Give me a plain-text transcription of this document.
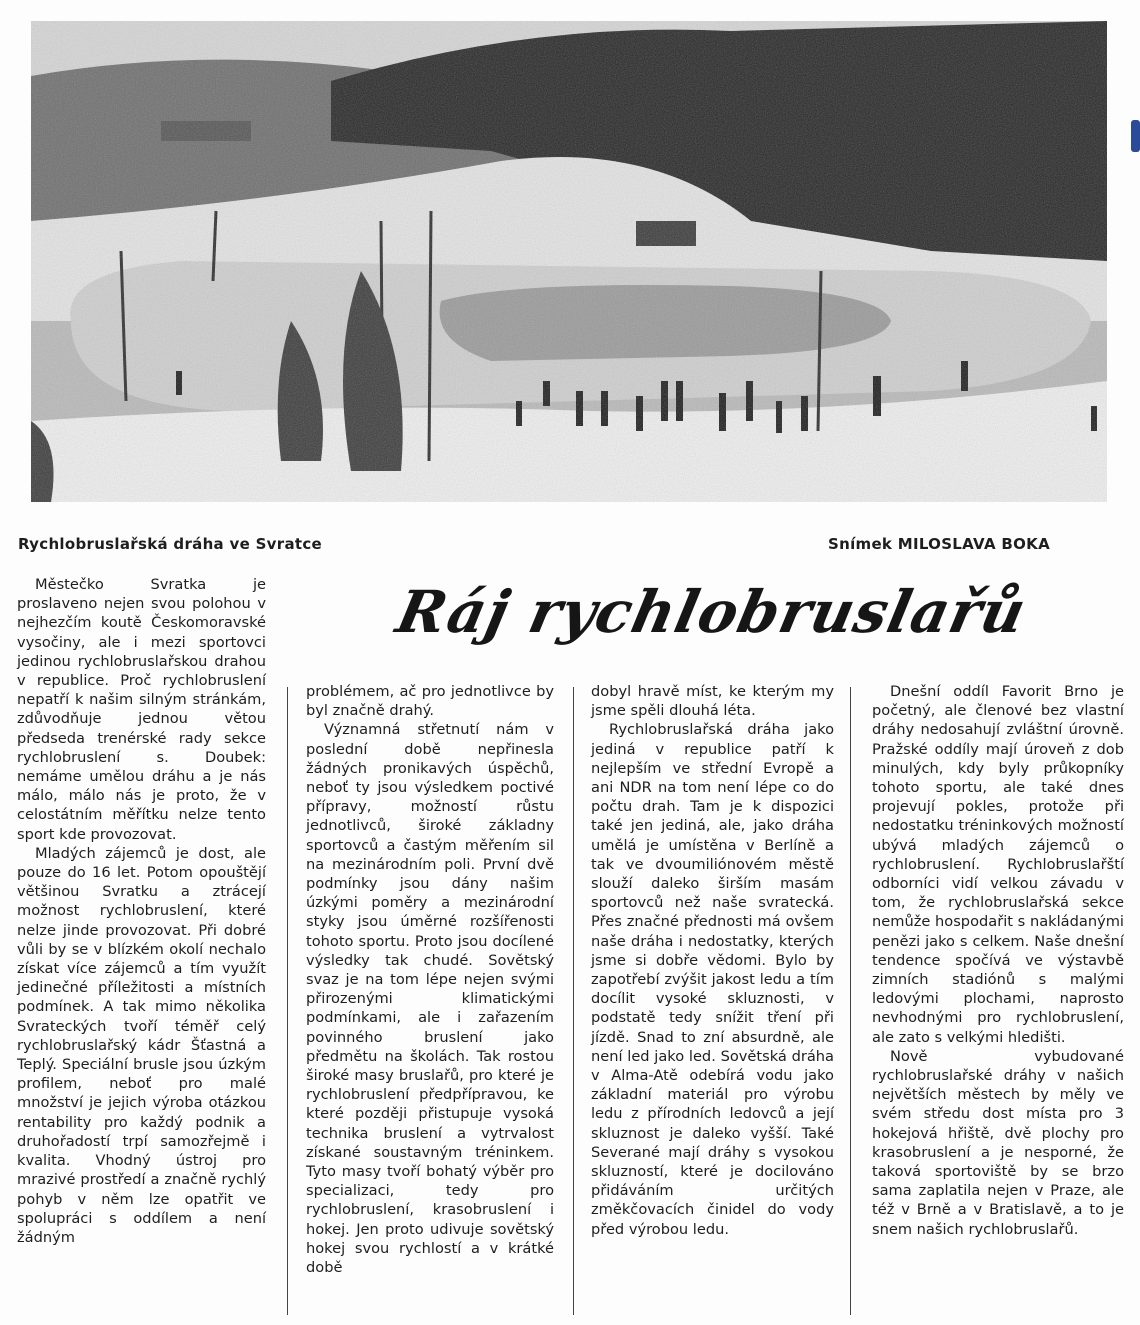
Rychlobruslařská dráha ve Svratce	Snímek MILOSLAVA BOKA
Ráj rychlobruslařů

Městečko Svratka je proslaveno nejen svou polohou v nejhezčím koutě Českomoravské vysočiny, ale i mezi sportovci jedinou rychlobruslařskou drahou v republice. Proč rychlobruslení nepatří k našim silným stránkám, zdůvodňuje jednou větou předseda trenérské rady sekce rychlobruslení s. Doubek: nemáme umělou dráhu a je nás málo, málo nás je proto, že v celostátním měřítku nelze tento sport kde provozovat.

Mladých zájemců je dost, ale pouze do 16 let. Potom opouštějí většinou Svratku a ztrácejí možnost rychlobruslení, které nelze jinde provozovat. Při dobré vůli by se v blízkém okolí nechalo získat více zájemců a tím využít jedinečné příležitosti a místních podmínek. A tak mimo několika Svrateckých tvoří téměř celý rychlobruslařský kádr Šťastná a Teplý. Speciální brusle jsou úzkým profilem, neboť pro malé množství je jejich výroba otázkou rentability pro každý podnik a druhořadostí trpí samozřejmě i kvalita. Vhodný ústroj pro mrazivé prostředí a značně rychlý pohyb v něm lze opatřit ve spolupráci s oddílem a není žádným

problémem, ač pro jednotlivce by byl značně drahý.

Významná střetnutí nám v poslední době nepřinesla žádných pronikavých úspěchů, neboť ty jsou výsledkem poctivé přípravy, možností růstu jednotlivců, široké základny sportovců a častým měřením sil na mezinárodním poli. První dvě podmínky jsou dány našim úzkými poměry a mezinárodní styky jsou úměrné rozšířenosti tohoto sportu. Proto jsou docílené výsledky tak chudé. Sovětský svaz je na tom lépe nejen svými přirozenými klimatickými podmínkami, ale i zařazením povinného bruslení jako předmětu na školách. Tak rostou široké masy bruslařů, pro které je rychlobruslení předpřípravou, ke které později přistupuje vysoká technika bruslení a vytrvalost získané soustavným tréninkem. Tyto masy tvoří bohatý výběr pro specializaci, tedy pro rychlobruslení, krasobruslení i hokej. Jen proto udivuje sovětský hokej svou rychlostí a v krátké době

dobyl hravě míst, ke kterým my jsme spěli dlouhá léta.

Rychlobruslařská dráha jako jediná v republice patří k nejlepším ve střední Evropě a ani NDR na tom není lépe co do počtu drah. Tam je k dispozici také jen jediná, ale, jako dráha umělá je umístěna v Berlíně a tak ve dvoumiliónovém městě slouží daleko širším masám sportovců než naše svratecká. Přes značné přednosti má ovšem naše dráha i nedostatky, kterých jsme si dobře vědomi. Bylo by zapotřebí zvýšit jakost ledu a tím docílit vysoké skluznosti, v podstatě tedy snížit tření při jízdě. Snad to zní absurdně, ale není led jako led. Sovětská dráha v Alma-Atě odebírá vodu jako základní materiál pro výrobu ledu z přírodních ledovců a její skluznost je daleko vyšší. Také Severané mají dráhy s vysokou skluzností, které je docilováno přidáváním určitých změkčovacích činidel do vody před výrobou ledu.

Dnešní oddíl Favorit Brno je početný, ale členové bez vlastní dráhy nedosahují zvláštní úrovně. Pražské oddíly mají úroveň z dob minulých, kdy byly průkopníky tohoto sportu, ale také dnes projevují pokles, protože při nedostatku tréninkových možností ubývá mladých zájemců o rychlobruslení. Rychlobruslařští odborníci vidí velkou závadu v tom, že rychlobruslařská sekce nemůže hospodařit s nakládanými penězi jako s celkem. Naše dnešní tendence spočívá ve výstavbě zimních stadiónů s malými ledovými plochami, naprosto nevhodnými pro rychlobruslení, ale zato s velkými hledišti.

Nově vybudované rychlobruslařské dráhy v našich největších městech by měly ve svém středu dost místa pro 3 hokejová hřiště, dvě plochy pro krasobruslení a je nesporné, že taková sportoviště by se brzo sama zaplatila nejen v Praze, ale též v Brně a v Bratislavě, a to je snem našich rychlobruslařů.
